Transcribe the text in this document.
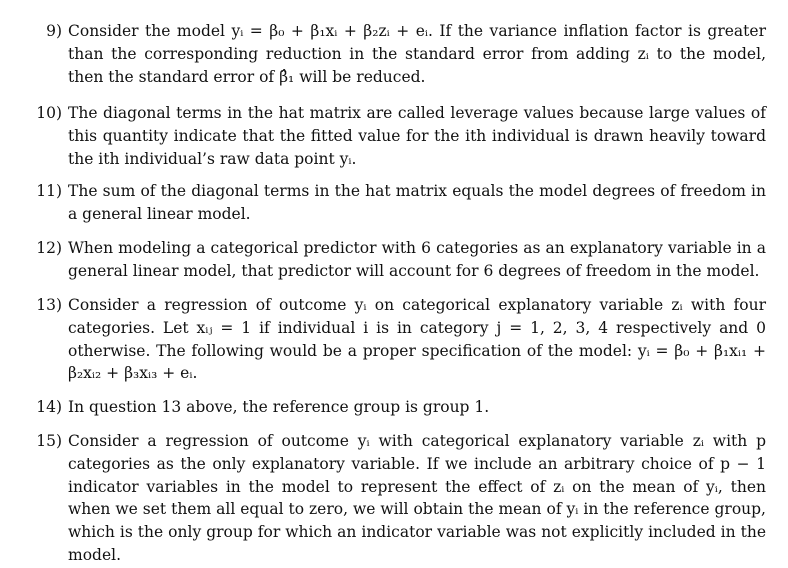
9) Consider the model yᵢ = β₀ + β₁xᵢ + β₂zᵢ + eᵢ. If the variance inflation factor is greater
than the corresponding reduction in the standard error from adding zᵢ to the model,
then the standard error of β̂₁ will be reduced.
10) The diagonal terms in the hat matrix are called leverage values because large values of
this quantity indicate that the fitted value for the ith individual is drawn heavily toward
the ith individual’s raw data point yᵢ.
11) The sum of the diagonal terms in the hat matrix equals the model degrees of freedom in
a general linear model.
12) When modeling a categorical predictor with 6 categories as an explanatory variable in a
general linear model, that predictor will account for 6 degrees of freedom in the model.
13) Consider a regression of outcome yᵢ on categorical explanatory variable zᵢ with four
categories. Let xᵢⱼ = 1 if individual i is in category j = 1, 2, 3, 4 respectively and 0
otherwise. The following would be a proper specification of the model: yᵢ = β₀ + β₁xᵢ₁ +
β₂xᵢ₂ + β₃xᵢ₃ + eᵢ.
14) In question 13 above, the reference group is group 1.
15) Consider a regression of outcome yᵢ with categorical explanatory variable zᵢ with p
categories as the only explanatory variable. If we include an arbitrary choice of p − 1
indicator variables in the model to represent the effect of zᵢ on the mean of yᵢ, then
when we set them all equal to zero, we will obtain the mean of yᵢ in the reference group,
which is the only group for which an indicator variable was not explicitly included in the
model.
